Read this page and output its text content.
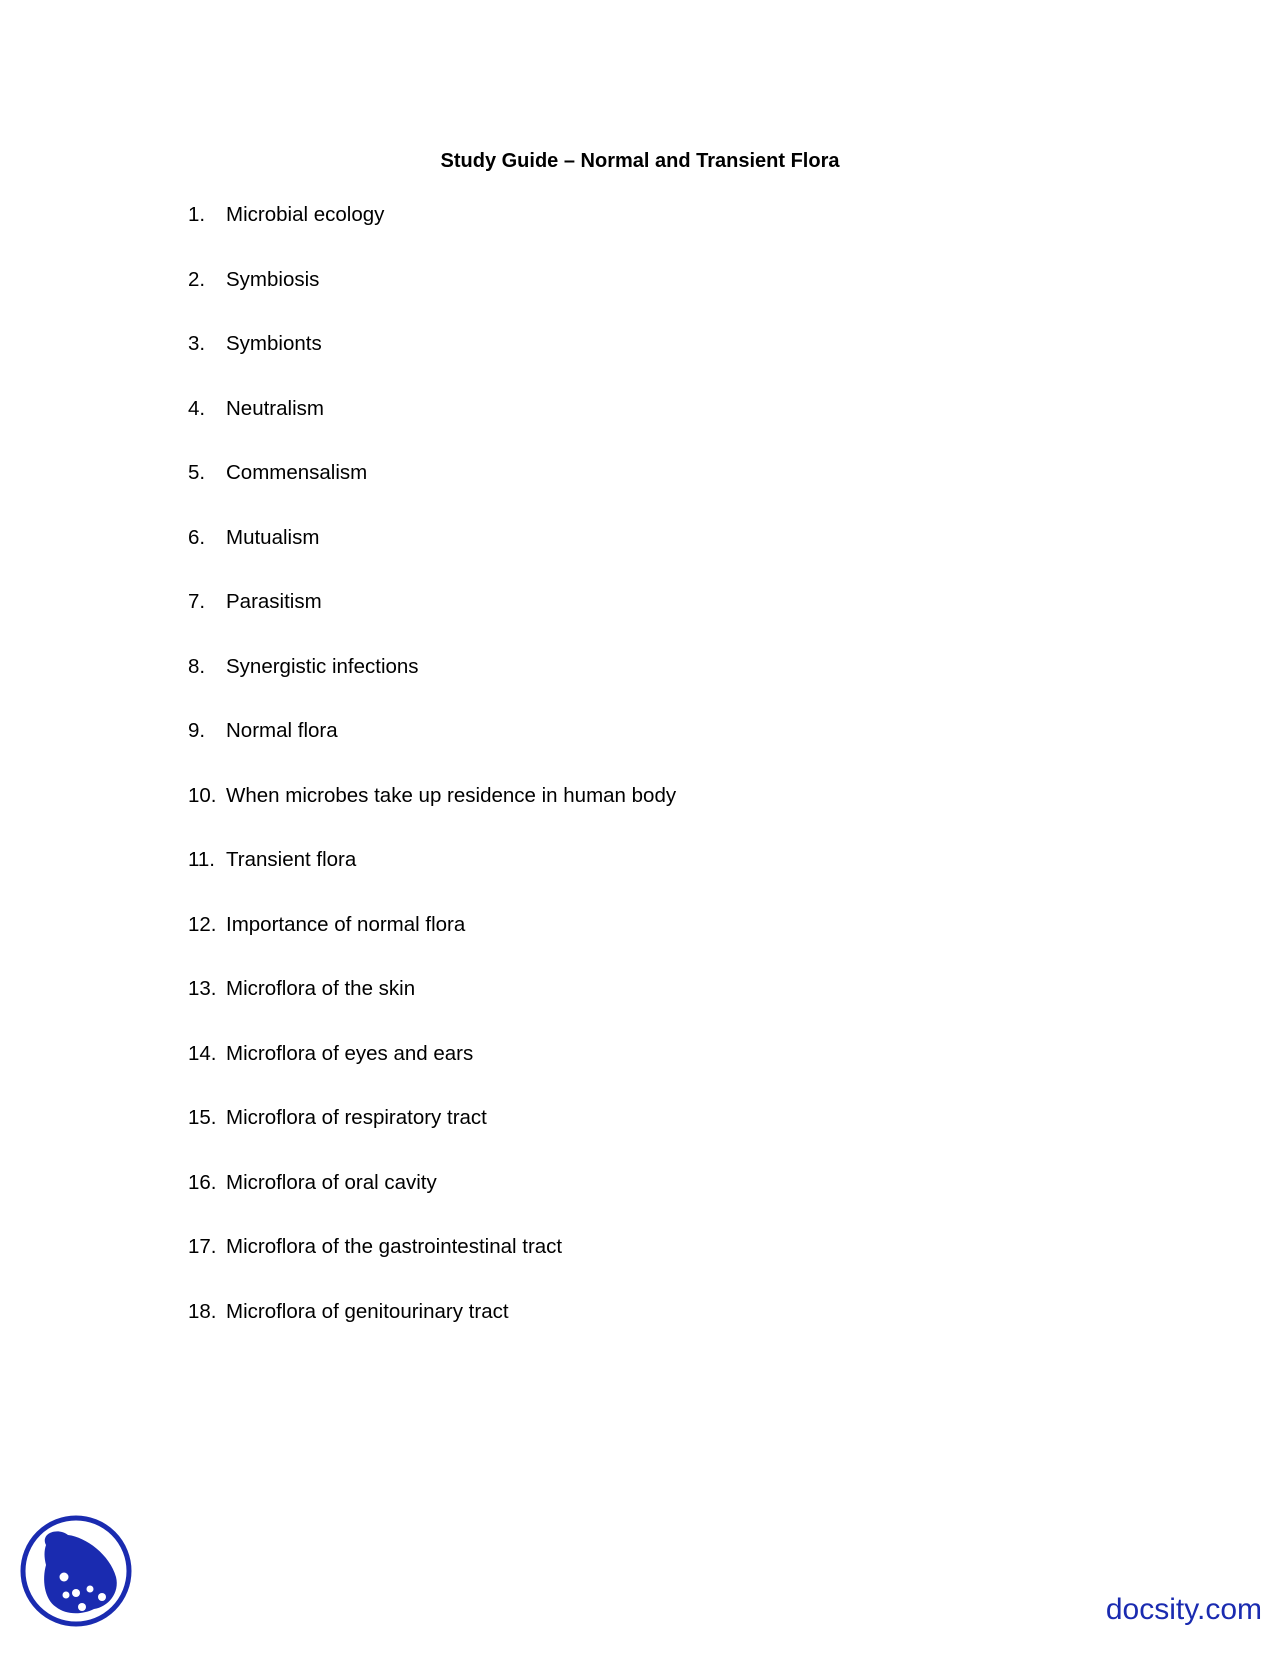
Study Guide – Normal and Transient Flora
1. Microbial ecology
2. Symbiosis
3. Symbionts
4. Neutralism
5. Commensalism
6. Mutualism
7. Parasitism
8. Synergistic infections
9. Normal flora
10. When microbes take up residence in human body
11. Transient flora
12. Importance of normal flora
13. Microflora of the skin
14. Microflora of eyes and ears
15. Microflora of respiratory tract
16. Microflora of oral cavity
17. Microflora of the gastrointestinal tract
18. Microflora of genitourinary tract
docsity.com
